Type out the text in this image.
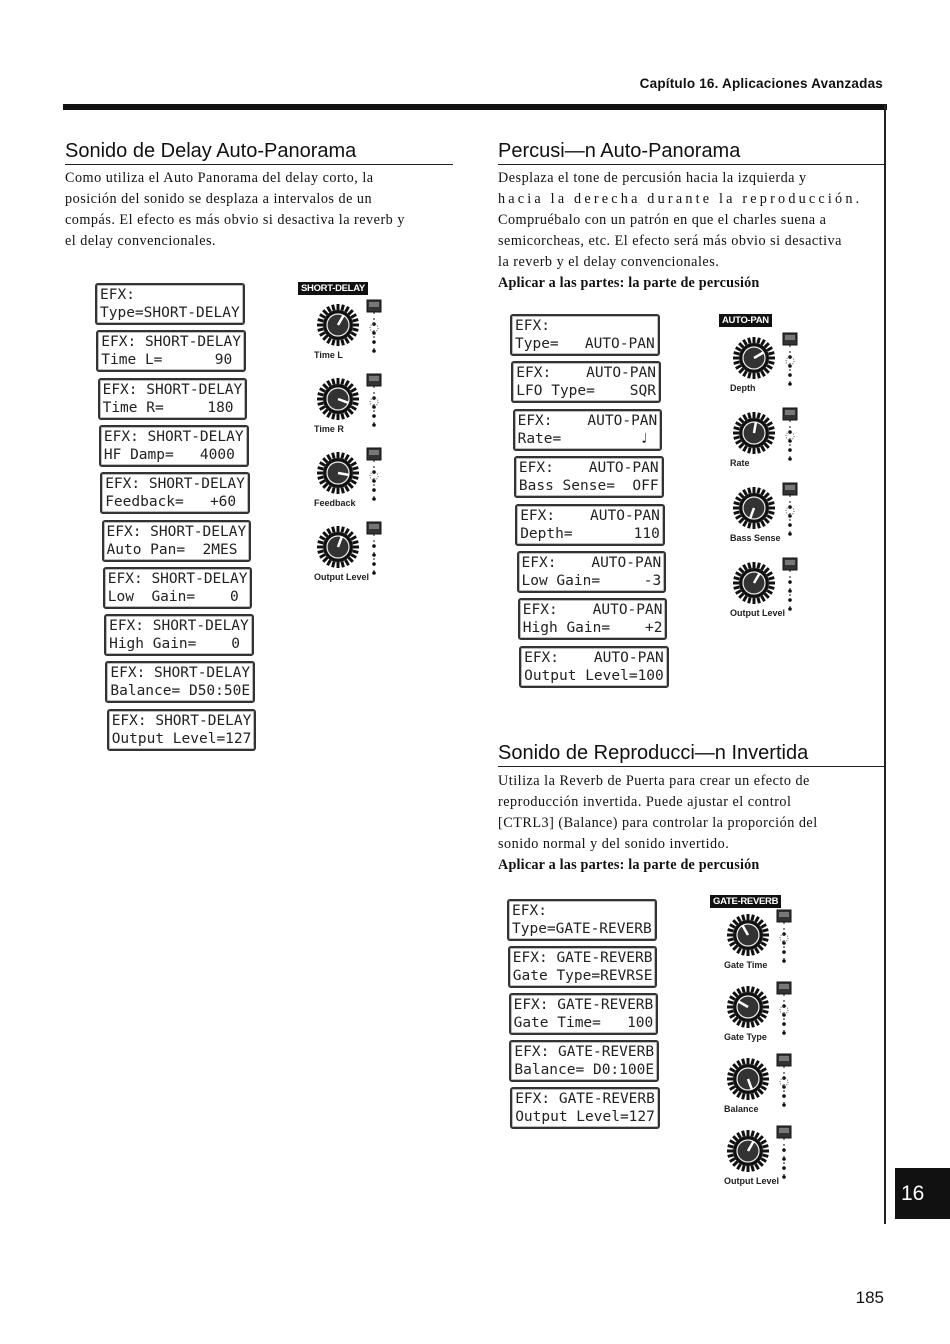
Capítulo 16. Aplicaciones Avanzadas
Sonido de Delay Auto-Panorama
Como utiliza el Auto Panorama del delay corto, la
posición del sonido se desplaza a intervalos de un
compás. El efecto es más obvio si desactiva la reverb y
el delay convencionales.
EFX:
Type=SHORT-DELAY
EFX: SHORT-DELAY
Time L=      90
EFX: SHORT-DELAY
Time R=     180
EFX: SHORT-DELAY
HF Damp=   4000
EFX: SHORT-DELAY
Feedback=   +60
EFX: SHORT-DELAY
Auto Pan=  2MES
EFX: SHORT-DELAY
Low  Gain=    0
EFX: SHORT-DELAY
High Gain=    0
EFX: SHORT-DELAY
Balance= D50:50E
EFX: SHORT-DELAY
Output Level=127
SHORT-DELAY
Time L
Time R
Feedback
Output Level
Percusi—n Auto-Panorama
Desplaza el tone de percusión hacia la izquierda y
hacia la derecha durante la reproducción.
Compruébalo con un patrón en que el charles suena a
semicorcheas, etc. El efecto será más obvio si desactiva
la reverb y el delay convencionales.
Aplicar a las partes: la parte de percusión
EFX:
Type=   AUTO-PAN
EFX:    AUTO-PAN
LFO Type=    SQR
EFX:    AUTO-PAN
Rate=         ♩
EFX:    AUTO-PAN
Bass Sense=  OFF
EFX:    AUTO-PAN
Depth=       110
EFX:    AUTO-PAN
Low Gain=     -3
EFX:    AUTO-PAN
High Gain=    +2
EFX:    AUTO-PAN
Output Level=100
AUTO-PAN
Depth
Rate
Bass Sense
Output Level
Sonido de Reproducci—n Invertida
Utiliza la Reverb de Puerta para crear un efecto de
reproducción invertida. Puede ajustar el control
[CTRL3] (Balance) para controlar la proporción del
sonido normal y del sonido invertido.
Aplicar a las partes: la parte de percusión
EFX:
Type=GATE-REVERB
EFX: GATE-REVERB
Gate Type=REVRSE
EFX: GATE-REVERB
Gate Time=   100
EFX: GATE-REVERB
Balance= D0:100E
EFX: GATE-REVERB
Output Level=127
GATE-REVERB
Gate Time
Gate Type
Balance
Output Level
16
185
